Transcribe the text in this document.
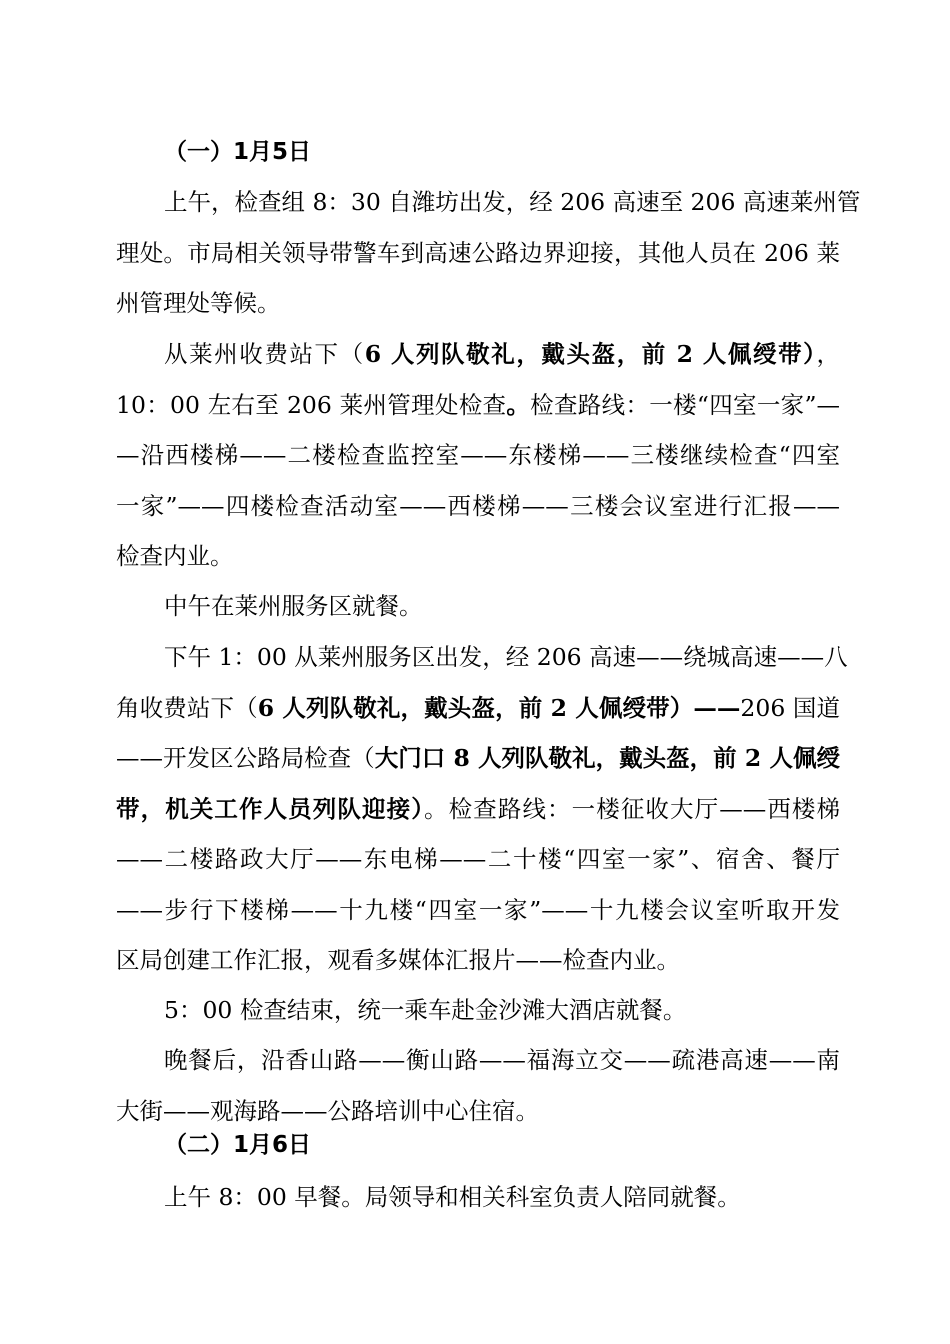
（一）1月5日

上午，检查组 8：30 自潍坊出发，经 206 高速至 206 高速莱州管
理处。市局相关领导带警车到高速公路边界迎接，其他人员在 206 莱
州管理处等候。

从莱州收费站下（6 人列队敬礼，戴头盔，前 2 人佩绶带），
10：00 左右至 206 莱州管理处检查。检查路线：一楼“四室一家”—
—沿西楼梯——二楼检查监控室——东楼梯——三楼继续检查“四室
一家”——四楼检查活动室——西楼梯——三楼会议室进行汇报——
检查内业。

中午在莱州服务区就餐。

下午 1：00 从莱州服务区出发，经 206 高速——绕城高速——八
角收费站下（6 人列队敬礼，戴头盔，前 2 人佩绶带）——206 国道
——开发区公路局检查（大门口 8 人列队敬礼，戴头盔，前 2 人佩绶
带，机关工作人员列队迎接）。检查路线：一楼征收大厅——西楼梯
——二楼路政大厅——东电梯——二十楼“四室一家”、宿舍、餐厅
——步行下楼梯——十九楼“四室一家”——十九楼会议室听取开发
区局创建工作汇报，观看多媒体汇报片——检查内业。

5：00 检查结束，统一乘车赴金沙滩大酒店就餐。

晚餐后，沿香山路——衡山路——福海立交——疏港高速——南
大街——观海路——公路培训中心住宿。

（二）1月6日

上午 8：00 早餐。局领导和相关科室负责人陪同就餐。
